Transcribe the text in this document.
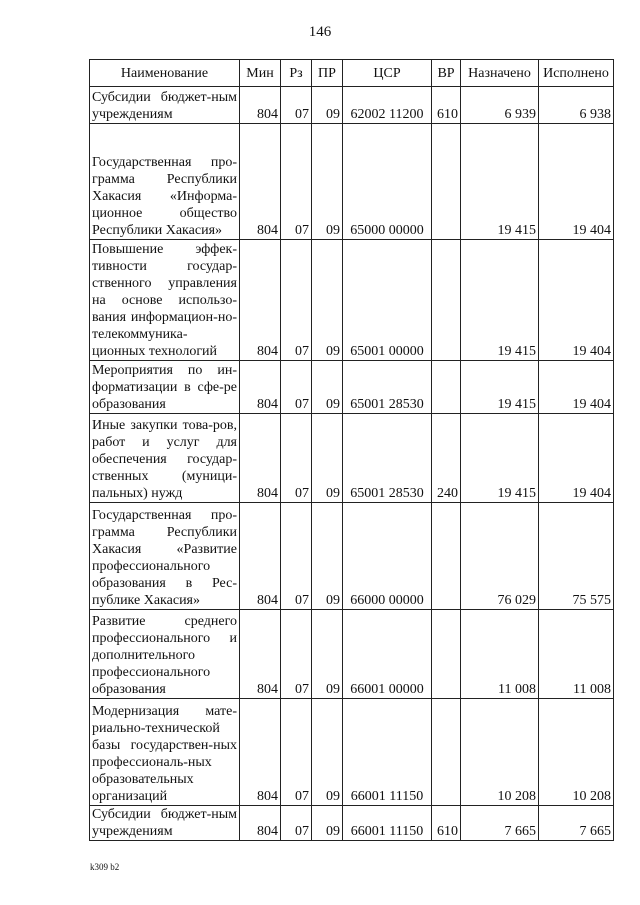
146
Наименование	Мин	Рз	ПР	ЦСР	ВР	Назначено	Исполнено
Субсидии бюджет-ным учреждениям	804	07	09	62002 11200	610	6 939	6 938
Государственная про-грамма Республики Хакасия «Информа-ционное общество Республики Хакасия»	804	07	09	65000 00000		19 415	19 404
Повышение эффек-тивности государ-ственного управления на основе использо-вания информацион-но-телекоммуника-ционных технологий	804	07	09	65001 00000		19 415	19 404
Мероприятия по ин-форматизации в сфе-ре образования	804	07	09	65001 28530		19 415	19 404
Иные закупки това-ров, работ и услуг для обеспечения государ-ственных (муници-пальных) нужд	804	07	09	65001 28530	240	19 415	19 404
Государственная про-грамма Республики Хакасия «Развитие профессионального образования в Рес-публике Хакасия»	804	07	09	66000 00000		76 029	75 575
Развитие среднего профессионального и дополнительного профессионального образования	804	07	09	66001 00000		11 008	11 008
Модернизация мате-риально-технической базы государствен-ных профессиональ-ных образовательных организаций	804	07	09	66001 11150		10 208	10 208
Субсидии бюджет-ным учреждениям	804	07	09	66001 11150	610	7 665	7 665
k309 b2
